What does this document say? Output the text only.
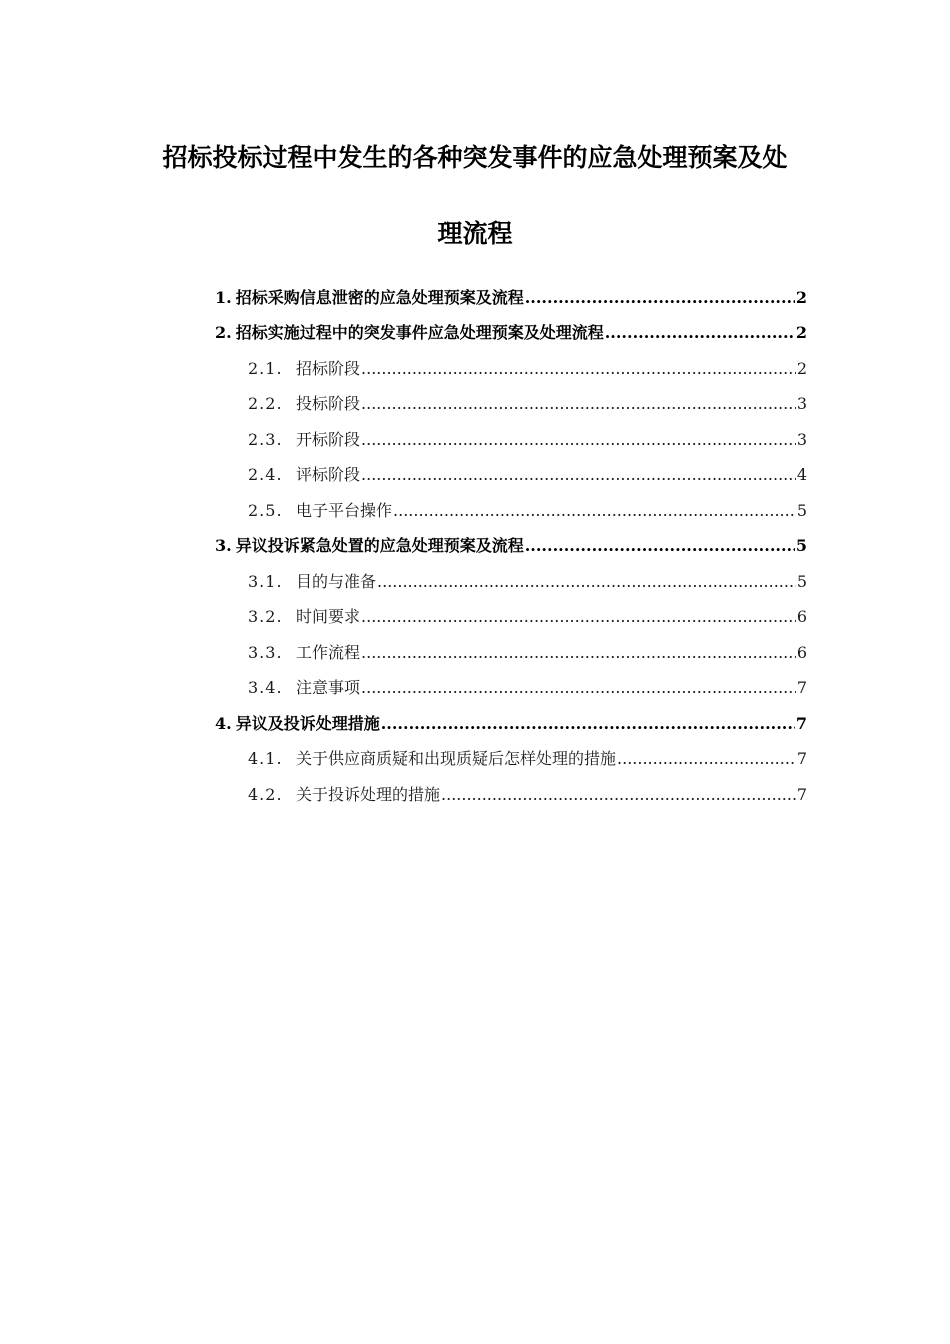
招标投标过程中发生的各种突发事件的应急处理预案及处
理流程
1. 招标采购信息泄密的应急处理预案及流程 .....	2
2. 招标实施过程中的突发事件应急处理预案及处理流程 .....	2
2.1. 招标阶段 .....	2
2.2. 投标阶段 .....	3
2.3. 开标阶段 .....	3
2.4. 评标阶段 .....	4
2.5. 电子平台操作 .....	5
3. 异议投诉紧急处置的应急处理预案及流程 .....	5
3.1. 目的与准备 .....	5
3.2. 时间要求 .....	6
3.3. 工作流程 .....	6
3.4. 注意事项 .....	7
4. 异议及投诉处理措施 .....	7
4.1. 关于供应商质疑和出现质疑后怎样处理的措施 .....	7
4.2. 关于投诉处理的措施 .....	7
